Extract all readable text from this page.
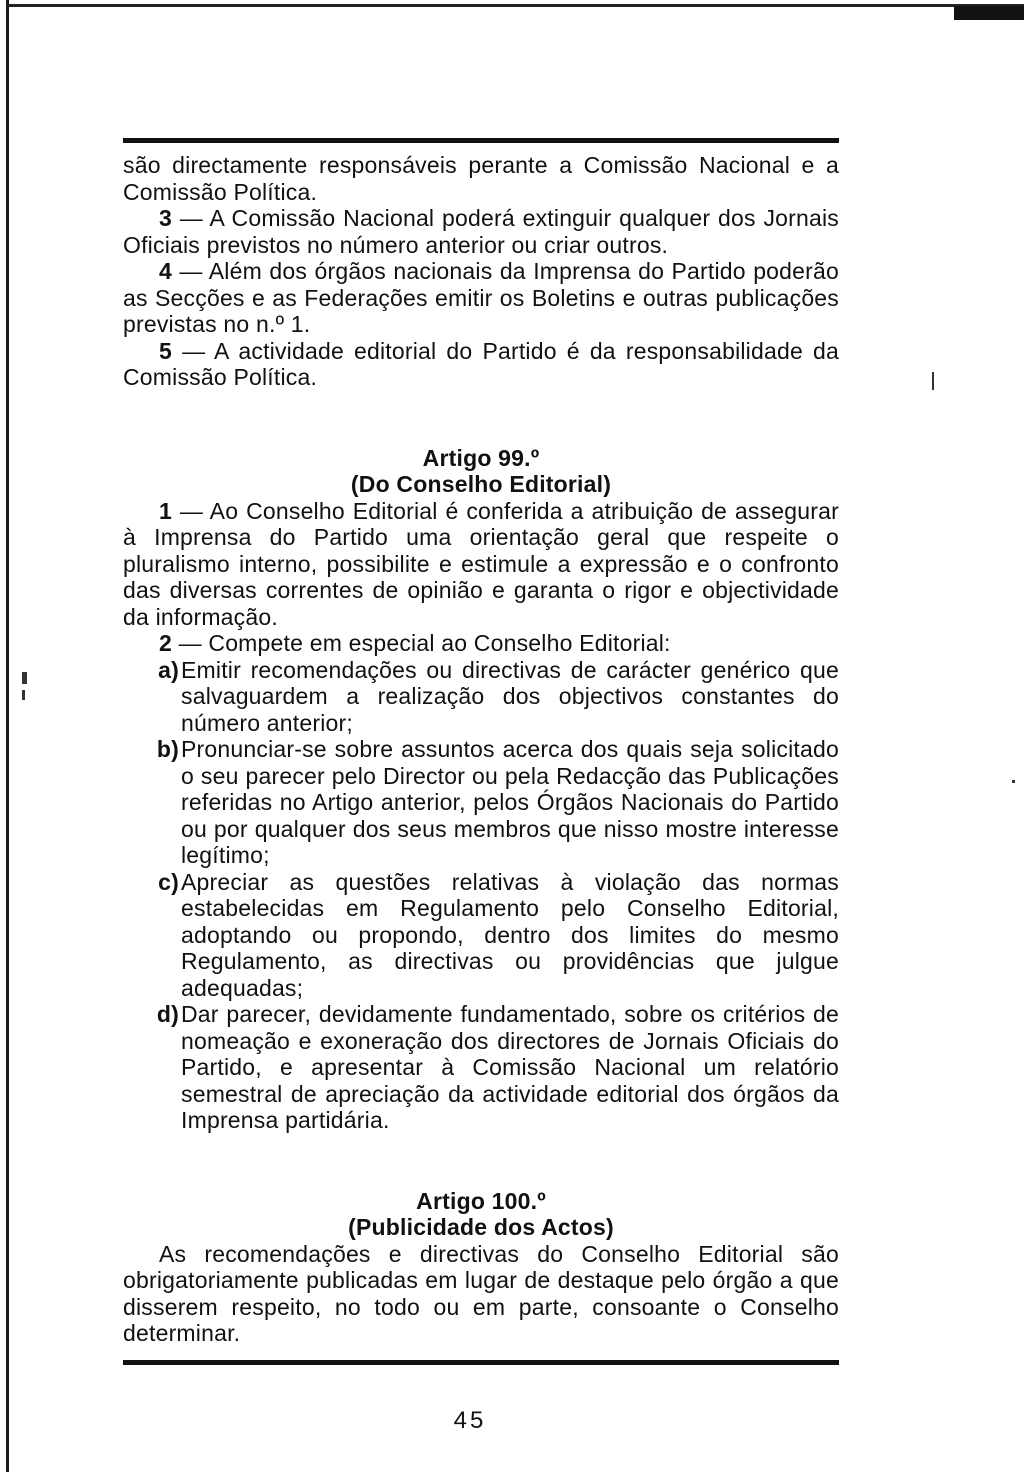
são directamente responsáveis perante a Comissão Nacional e a Comissão Política.

3 — A Comissão Nacional poderá extinguir qualquer dos Jornais Oficiais previstos no número anterior ou criar outros.

4 — Além dos órgãos nacionais da Imprensa do Partido poderão as Secções e as Federações emitir os Boletins e outras publicações previstas no n.º 1.

5 — A actividade editorial do Partido é da responsabilidade da Comissão Política.

Artigo 99.º

(Do Conselho Editorial)

1 — Ao Conselho Editorial é conferida a atribuição de assegurar à Imprensa do Partido uma orientação geral que respeite o pluralismo interno, possibilite e estimule a expressão e o confronto das diversas correntes de opinião e garanta o rigor e objectividade da informação.

2 — Compete em especial ao Conselho Editorial:

a) Emitir recomendações ou directivas de carácter genérico que salvaguardem a realização dos objectivos constantes do número anterior;
b) Pronunciar-se sobre assuntos acerca dos quais seja solicitado o seu parecer pelo Director ou pela Redacção das Publicações referidas no Artigo anterior, pelos Órgãos Nacionais do Partido ou por qualquer dos seus membros que nisso mostre interesse legítimo;
c) Apreciar as questões relativas à violação das normas estabelecidas em Regulamento pelo Conselho Editorial, adoptando ou propondo, dentro dos limites do mesmo Regulamento, as directivas ou providências que julgue adequadas;
d) Dar parecer, devidamente fundamentado, sobre os critérios de nomeação e exoneração dos directores de Jornais Oficiais do Partido, e apresentar à Comissão Nacional um relatório semestral de apreciação da actividade editorial dos órgãos da Imprensa partidária.

Artigo 100.º

(Publicidade dos Actos)

As recomendações e directivas do Conselho Editorial são obrigatoriamente publicadas em lugar de destaque pelo órgão a que disserem respeito, no todo ou em parte, consoante o Conselho determinar.

45
